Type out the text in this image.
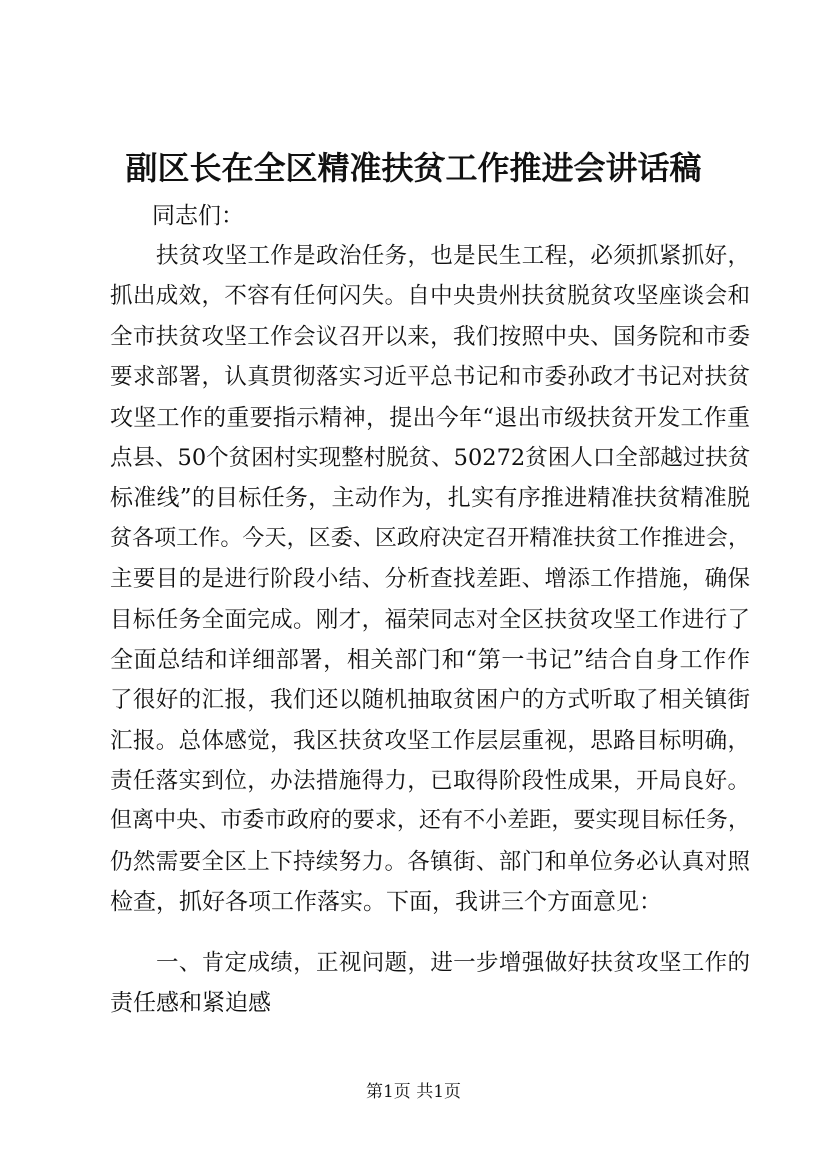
副区长在全区精准扶贫工作推进会讲话稿
同志们：
扶贫攻坚工作是政治任务，也是民生工程，必须抓紧抓好，
抓出成效，不容有任何闪失。自中央贵州扶贫脱贫攻坚座谈会和
全市扶贫攻坚工作会议召开以来，我们按照中央、国务院和市委
要求部署，认真贯彻落实习近平总书记和市委孙政才书记对扶贫
攻坚工作的重要指示精神，提出今年“退出市级扶贫开发工作重
点县、50个贫困村实现整村脱贫、50272贫困人口全部越过扶贫
标准线”的目标任务，主动作为，扎实有序推进精准扶贫精准脱
贫各项工作。今天，区委、区政府决定召开精准扶贫工作推进会，
主要目的是进行阶段小结、分析查找差距、增添工作措施，确保
目标任务全面完成。刚才，福荣同志对全区扶贫攻坚工作进行了
全面总结和详细部署，相关部门和“第一书记”结合自身工作作
了很好的汇报，我们还以随机抽取贫困户的方式听取了相关镇街
汇报。总体感觉，我区扶贫攻坚工作层层重视，思路目标明确，
责任落实到位，办法措施得力，已取得阶段性成果，开局良好。
但离中央、市委市政府的要求，还有不小差距，要实现目标任务，
仍然需要全区上下持续努力。各镇街、部门和单位务必认真对照
检查，抓好各项工作落实。下面，我讲三个方面意见：
一、肯定成绩，正视问题，进一步增强做好扶贫攻坚工作的
责任感和紧迫感
第1页 共1页
